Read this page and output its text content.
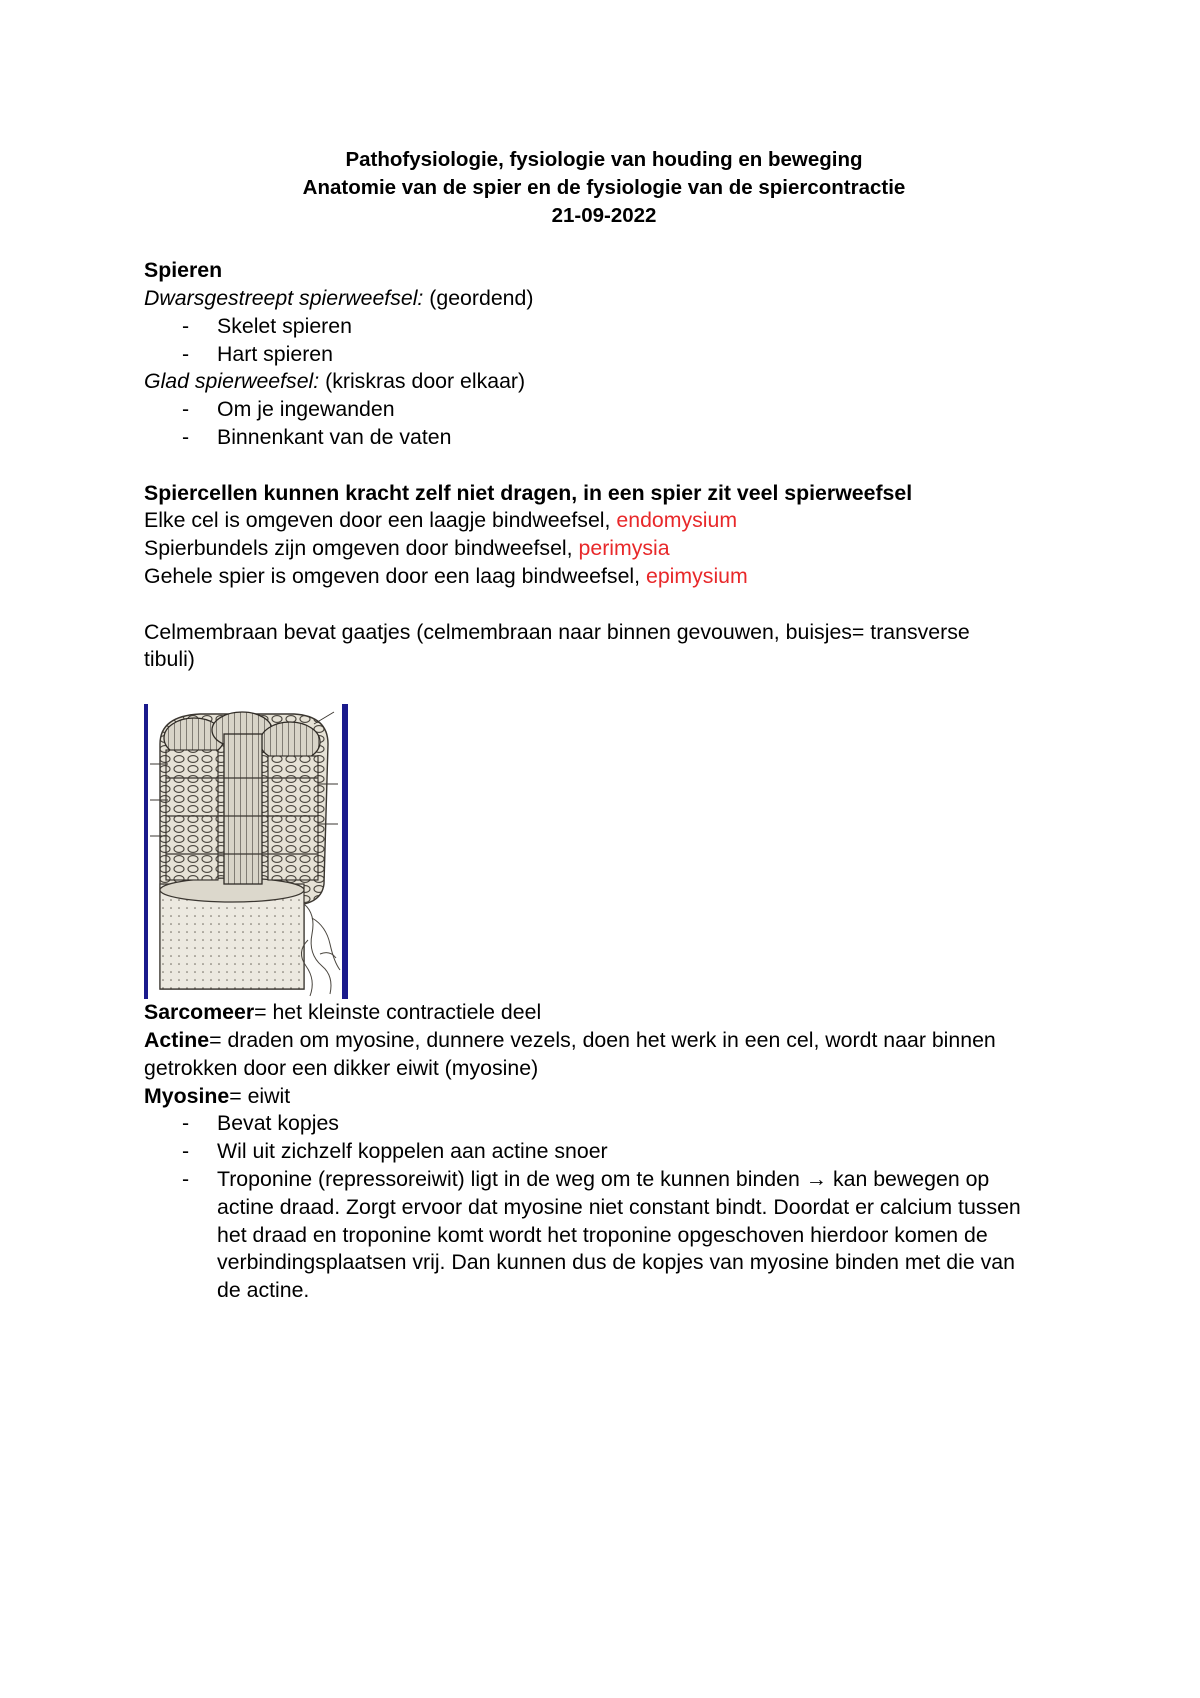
Pathofysiologie, fysiologie van houding en beweging
Anatomie van de spier en de fysiologie van de spiercontractie
21-09-2022
Spieren
Dwarsgestreept spierweefsel: (geordend)
- Skelet spieren
- Hart spieren
Glad spierweefsel: (kriskras door elkaar)
- Om je ingewanden
- Binnenkant van de vaten
Spiercellen kunnen kracht zelf niet dragen, in een spier zit veel spierweefsel
Elke cel is omgeven door een laagje bindweefsel, endomysium
Spierbundels zijn omgeven door bindweefsel, perimysia
Gehele spier is omgeven door een laag bindweefsel, epimysium
Celmembraan bevat gaatjes (celmembraan naar binnen gevouwen, buisjes= transverse tibuli)
Sarcomeer= het kleinste contractiele deel
Actine= draden om myosine, dunnere vezels, doen het werk in een cel, wordt naar binnen getrokken door een dikker eiwit (myosine)
Myosine= eiwit
- Bevat kopjes
- Wil uit zichzelf koppelen aan actine snoer
- Troponine (repressoreiwit) ligt in de weg om te kunnen binden → kan bewegen op actine draad. Zorgt ervoor dat myosine niet constant bindt. Doordat er calcium tussen het draad en troponine komt wordt het troponine opgeschoven hierdoor komen de verbindingsplaatsen vrij. Dan kunnen dus de kopjes van myosine binden met die van de actine.
